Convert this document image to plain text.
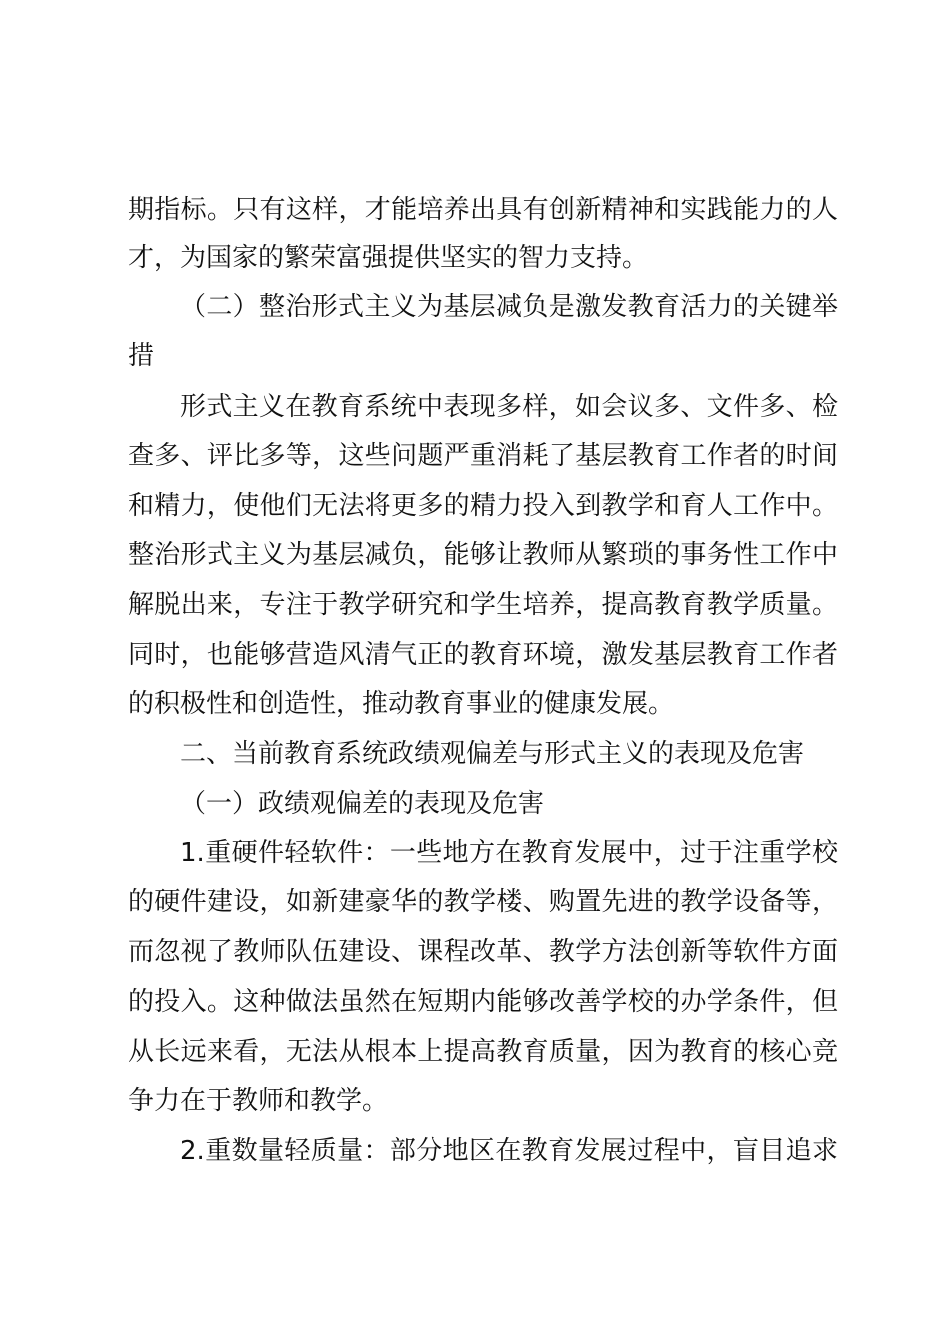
期指标。只有这样，才能培养出具有创新精神和实践能力的人
才，为国家的繁荣富强提供坚实的智力支持。
（二）整治形式主义为基层减负是激发教育活力的关键举
措
形式主义在教育系统中表现多样，如会议多、文件多、检
查多、评比多等，这些问题严重消耗了基层教育工作者的时间
和精力，使他们无法将更多的精力投入到教学和育人工作中。
整治形式主义为基层减负，能够让教师从繁琐的事务性工作中
解脱出来，专注于教学研究和学生培养，提高教育教学质量。
同时，也能够营造风清气正的教育环境，激发基层教育工作者
的积极性和创造性，推动教育事业的健康发展。
二、当前教育系统政绩观偏差与形式主义的表现及危害
（一）政绩观偏差的表现及危害
1.重硬件轻软件：一些地方在教育发展中，过于注重学校
的硬件建设，如新建豪华的教学楼、购置先进的教学设备等，
而忽视了教师队伍建设、课程改革、教学方法创新等软件方面
的投入。这种做法虽然在短期内能够改善学校的办学条件，但
从长远来看，无法从根本上提高教育质量，因为教育的核心竞
争力在于教师和教学。
2.重数量轻质量：部分地区在教育发展过程中，盲目追求
